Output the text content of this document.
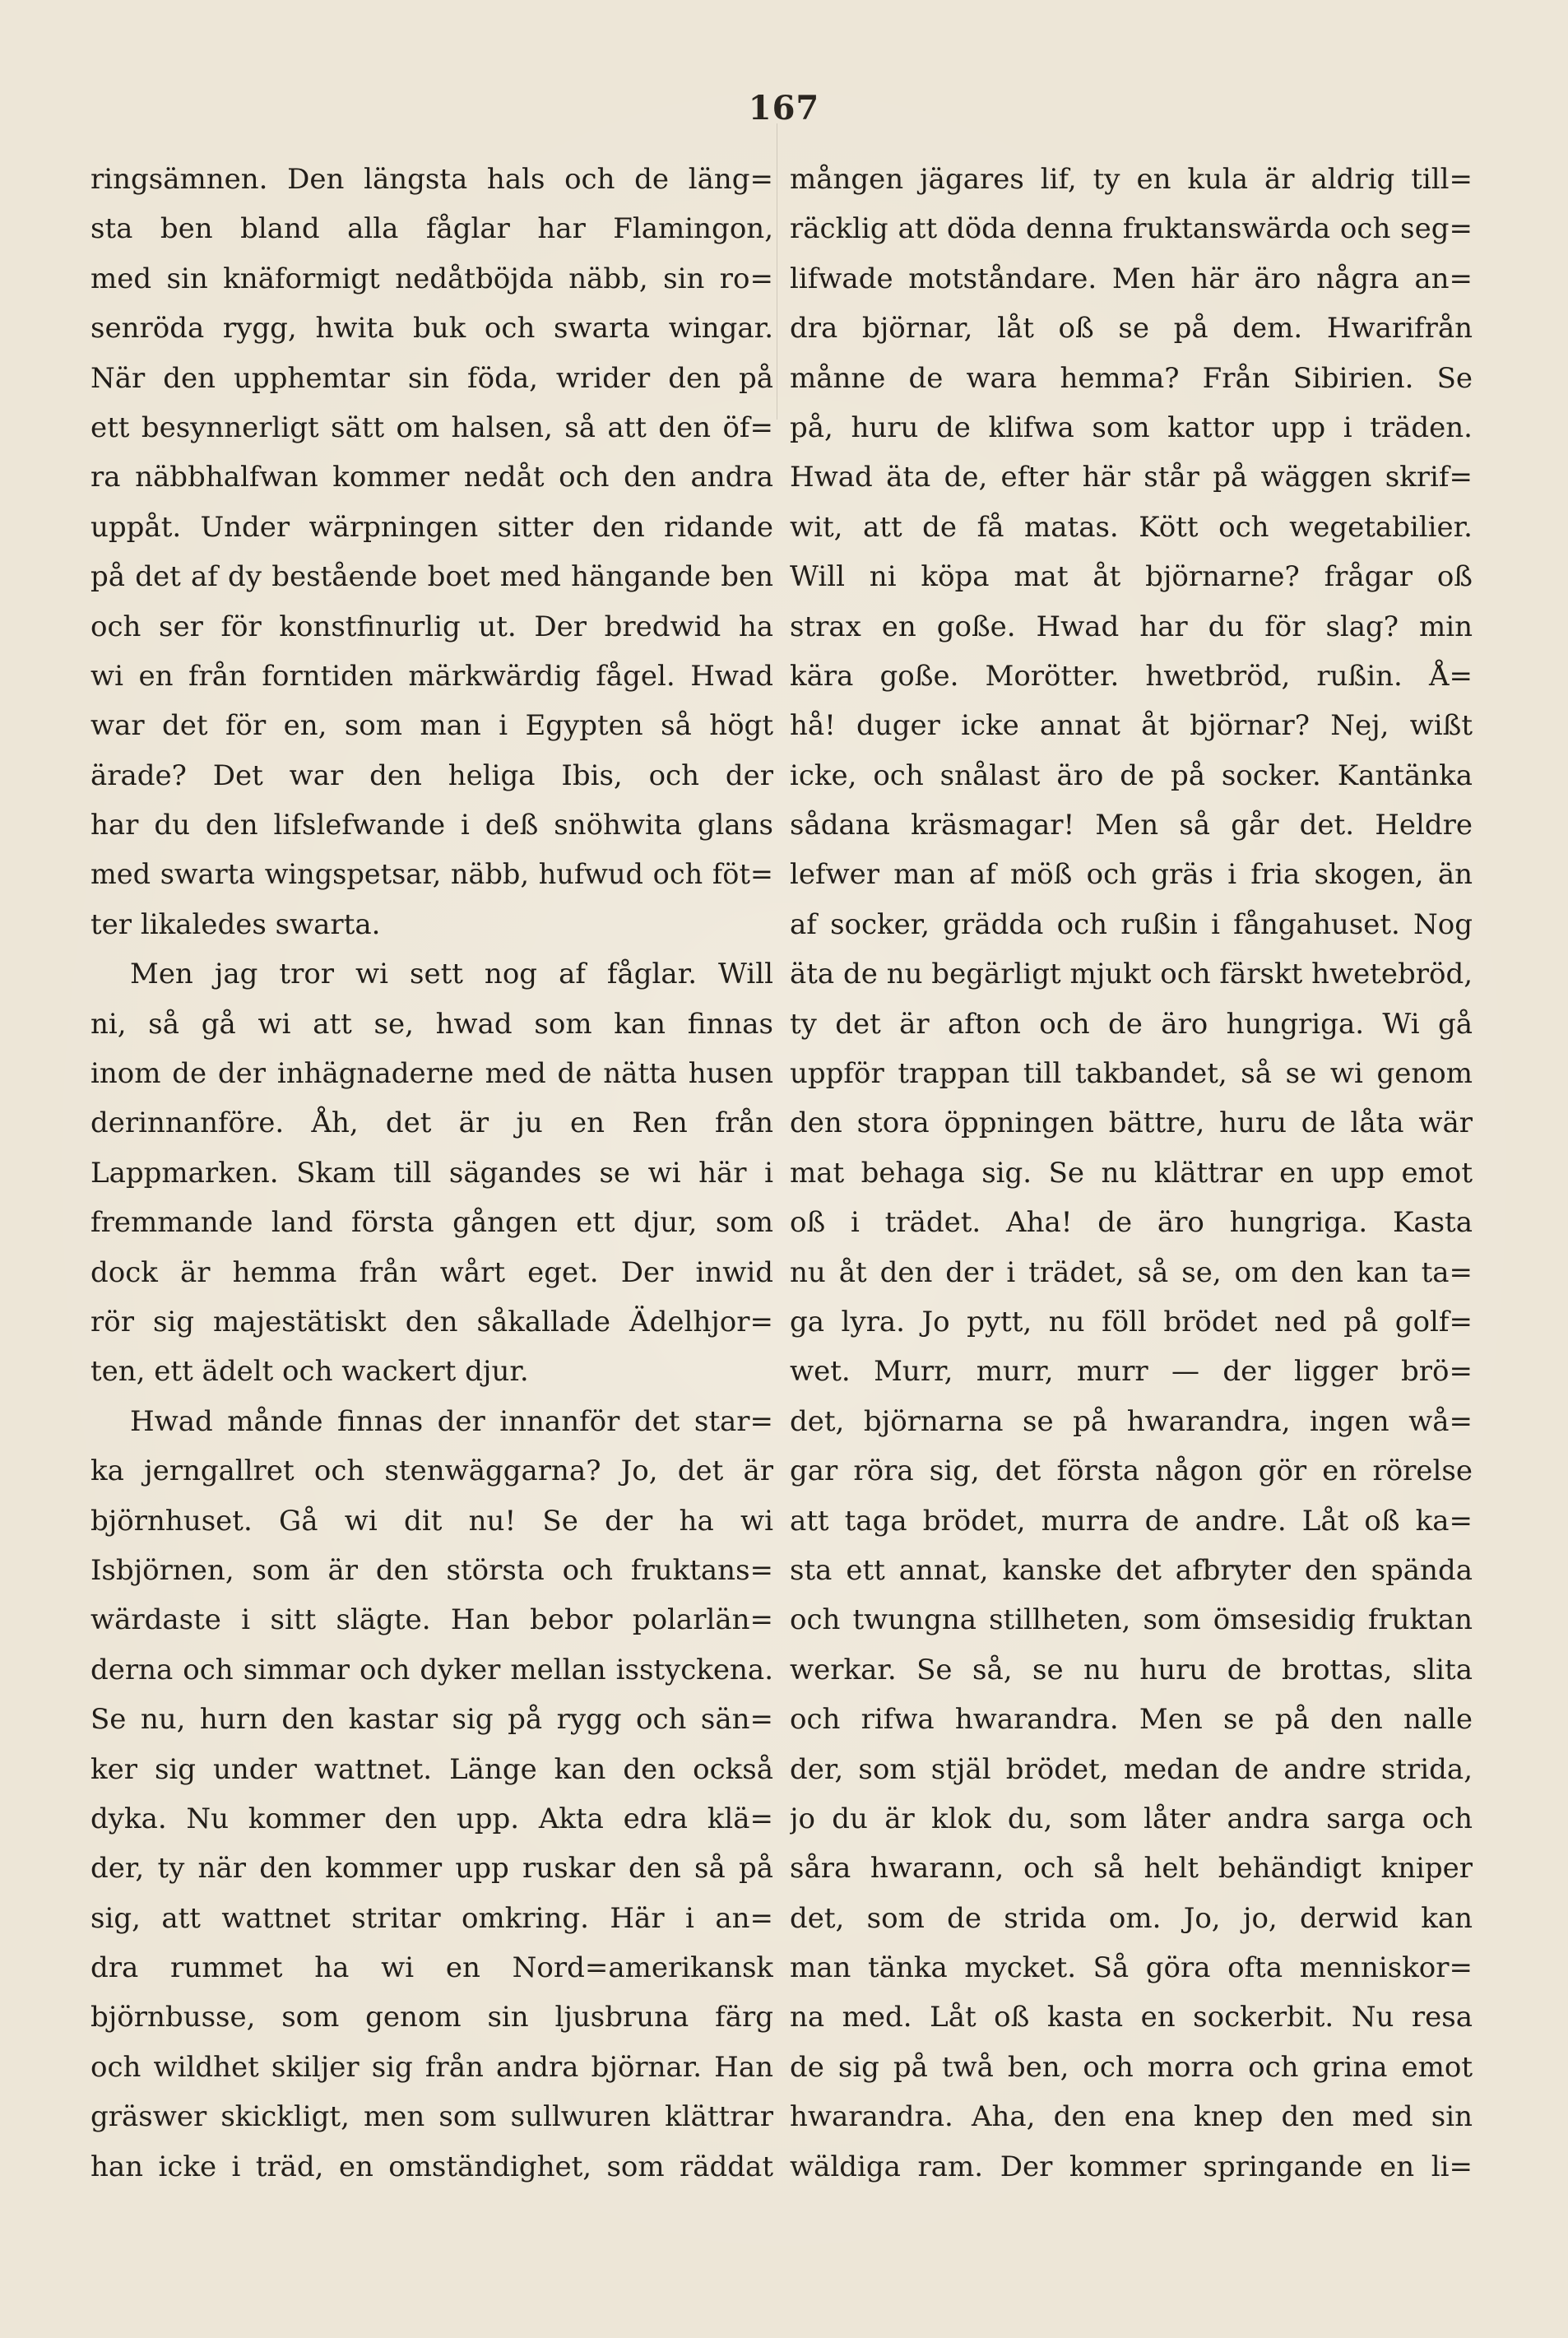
167
ringsämnen. Den längsta hals och de läng=
sta ben bland alla fåglar har Flamingon,
med sin knäformigt nedåtböjda näbb, sin ro=
senröda rygg, hwita buk och swarta wingar.
När den upphemtar sin föda, wrider den på
ett besynnerligt sätt om halsen, så att den öf=
ra näbbhalfwan kommer nedåt och den andra
uppåt. Under wärpningen sitter den ridande
på det af dy bestående boet med hängande ben
och ser för konstfinurlig ut. Der bredwid ha
wi en från forntiden märkwärdig fågel. Hwad
war det för en, som man i Egypten så högt
ärade? Det war den heliga Ibis, och der
har du den lifslefwande i deß snöhwita glans
med swarta wingspetsar, näbb, hufwud och föt=
ter likaledes swarta.
Men jag tror wi sett nog af fåglar. Will
ni, så gå wi att se, hwad som kan finnas
inom de der inhägnaderne med de nätta husen
derinnanföre. Åh, det är ju en Ren från
Lappmarken. Skam till sägandes se wi här i
fremmande land första gången ett djur, som
dock är hemma från wårt eget. Der inwid
rör sig majestätiskt den såkallade Ädelhjor=
ten, ett ädelt och wackert djur.
Hwad månde finnas der innanför det star=
ka jerngallret och stenwäggarna? Jo, det är
björnhuset. Gå wi dit nu! Se der ha wi
Isbjörnen, som är den största och fruktans=
wärdaste i sitt slägte. Han bebor polarlän=
derna och simmar och dyker mellan isstyckena.
Se nu, hurn den kastar sig på rygg och sän=
ker sig under wattnet. Länge kan den också
dyka. Nu kommer den upp. Akta edra klä=
der, ty när den kommer upp ruskar den så på
sig, att wattnet stritar omkring. Här i an=
dra rummet ha wi en Nord=amerikansk
björnbusse, som genom sin ljusbruna färg
och wildhet skiljer sig från andra björnar. Han
gräswer skickligt, men som sullwuren klättrar
han icke i träd, en omständighet, som räddat
mången jägares lif, ty en kula är aldrig till=
räcklig att döda denna fruktanswärda och seg=
lifwade motståndare. Men här äro några an=
dra björnar, låt oß se på dem. Hwarifrån
månne de wara hemma? Från Sibirien. Se
på, huru de klifwa som kattor upp i träden.
Hwad äta de, efter här står på wäggen skrif=
wit, att de få matas. Kött och wegetabilier.
Will ni köpa mat åt björnarne? frågar oß
strax en goße. Hwad har du för slag? min
kära goße. Morötter. hwetbröd, rußin. Å=
hå! duger icke annat åt björnar? Nej, wißt
icke, och snålast äro de på socker. Kantänka
sådana kräsmagar! Men så går det. Heldre
lefwer man af möß och gräs i fria skogen, än
af socker, grädda och rußin i fångahuset. Nog
äta de nu begärligt mjukt och färskt hwetebröd,
ty det är afton och de äro hungriga. Wi gå
uppför trappan till takbandet, så se wi genom
den stora öppningen bättre, huru de låta wär
mat behaga sig. Se nu klättrar en upp emot
oß i trädet. Aha! de äro hungriga. Kasta
nu åt den der i trädet, så se, om den kan ta=
ga lyra. Jo pytt, nu föll brödet ned på golf=
wet. Murr, murr, murr — der ligger brö=
det, björnarna se på hwarandra, ingen wå=
gar röra sig, det första någon gör en rörelse
att taga brödet, murra de andre. Låt oß ka=
sta ett annat, kanske det afbryter den spända
och twungna stillheten, som ömsesidig fruktan
werkar. Se så, se nu huru de brottas, slita
och rifwa hwarandra. Men se på den nalle
der, som stjäl brödet, medan de andre strida,
jo du är klok du, som låter andra sarga och
såra hwarann, och så helt behändigt kniper
det, som de strida om. Jo, jo, derwid kan
man tänka mycket. Så göra ofta menniskor=
na med. Låt oß kasta en sockerbit. Nu resa
de sig på twå ben, och morra och grina emot
hwarandra. Aha, den ena knep den med sin
wäldiga ram. Der kommer springande en li=
